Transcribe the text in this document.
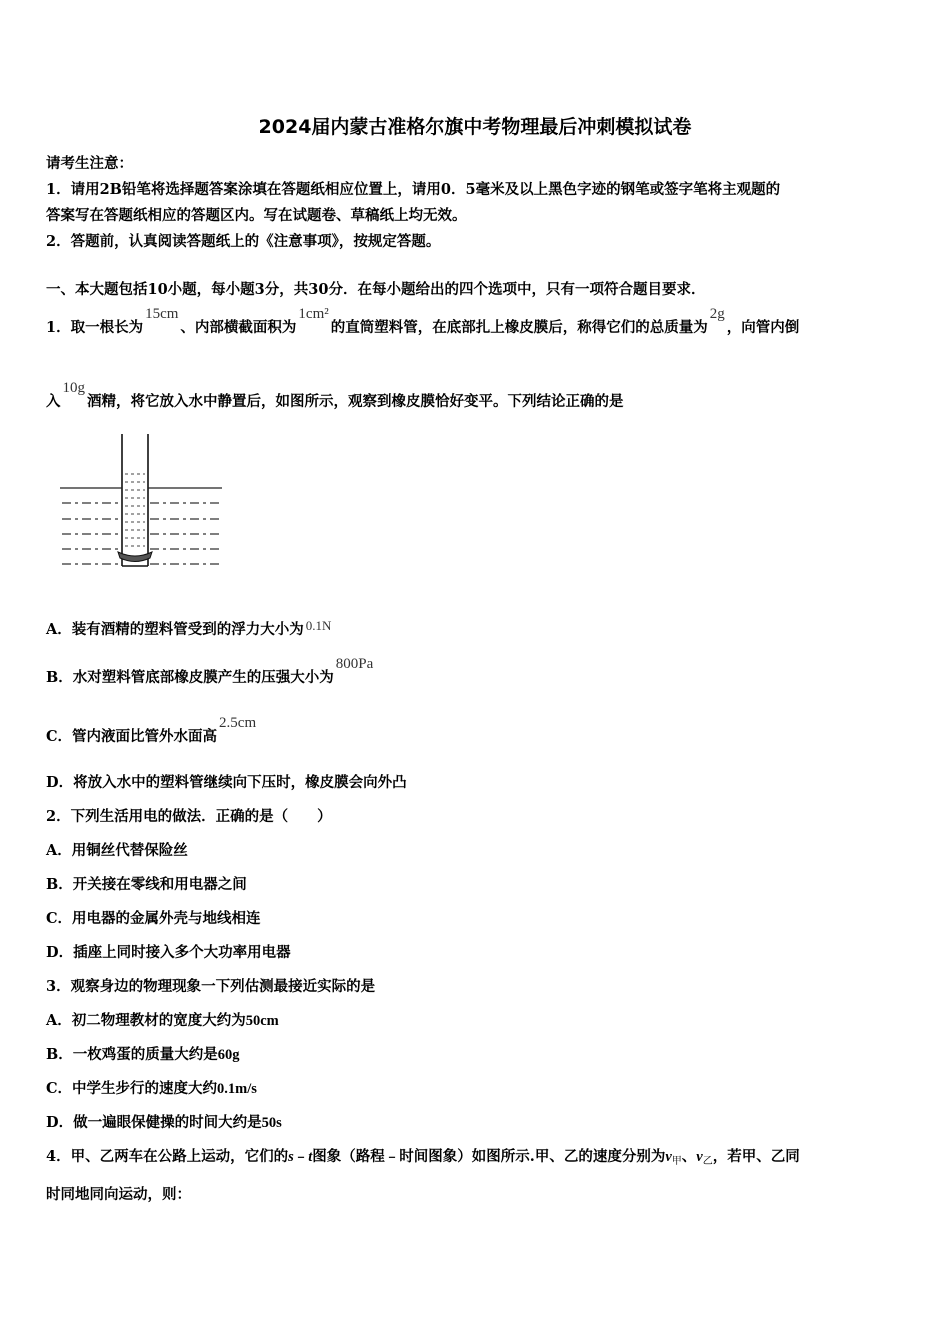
2024届内蒙古准格尔旗中考物理最后冲刺模拟试卷
请考生注意：
1．请用2B铅笔将选择题答案涂填在答题纸相应位置上，请用0．5毫米及以上黑色字迹的钢笔或签字笔将主观题的
答案写在答题纸相应的答题区内。写在试题卷、草稿纸上均无效。
2．答题前，认真阅读答题纸上的《注意事项》，按规定答题。
一、本大题包括10小题，每小题3分，共30分．在每小题给出的四个选项中，只有一项符合题目要求．
1．取一根长为15cm、内部横截面积为1cm²的直筒塑料管，在底部扎上橡皮膜后，称得它们的总质量为2g，向管内倒
入10g酒精，将它放入水中静置后，如图所示，观察到橡皮膜恰好变平。下列结论正确的是
A．装有酒精的塑料管受到的浮力大小为 0.1N
B．水对塑料管底部橡皮膜产生的压强大小为800Pa
C．管内液面比管外水面高2.5cm
D．将放入水中的塑料管继续向下压时，橡皮膜会向外凸
2．下列生活用电的做法．正确的是（　　）
A．用铜丝代替保险丝
B．开关接在零线和用电器之间
C．用电器的金属外壳与地线相连
D．插座上同时接入多个大功率用电器
3．观察身边的物理现象一下列估测最接近实际的是
A．初二物理教材的宽度大约为50cm
B．一枚鸡蛋的质量大约是60g
C．中学生步行的速度大约0.1m/s
D．做一遍眼保健操的时间大约是50s
4．甲、乙两车在公路上运动，它们的s﹣t图象（路程﹣时间图象）如图所示.甲、乙的速度分别为$v_甲$、$v_乙$，若甲、乙同
时同地同向运动，则：
